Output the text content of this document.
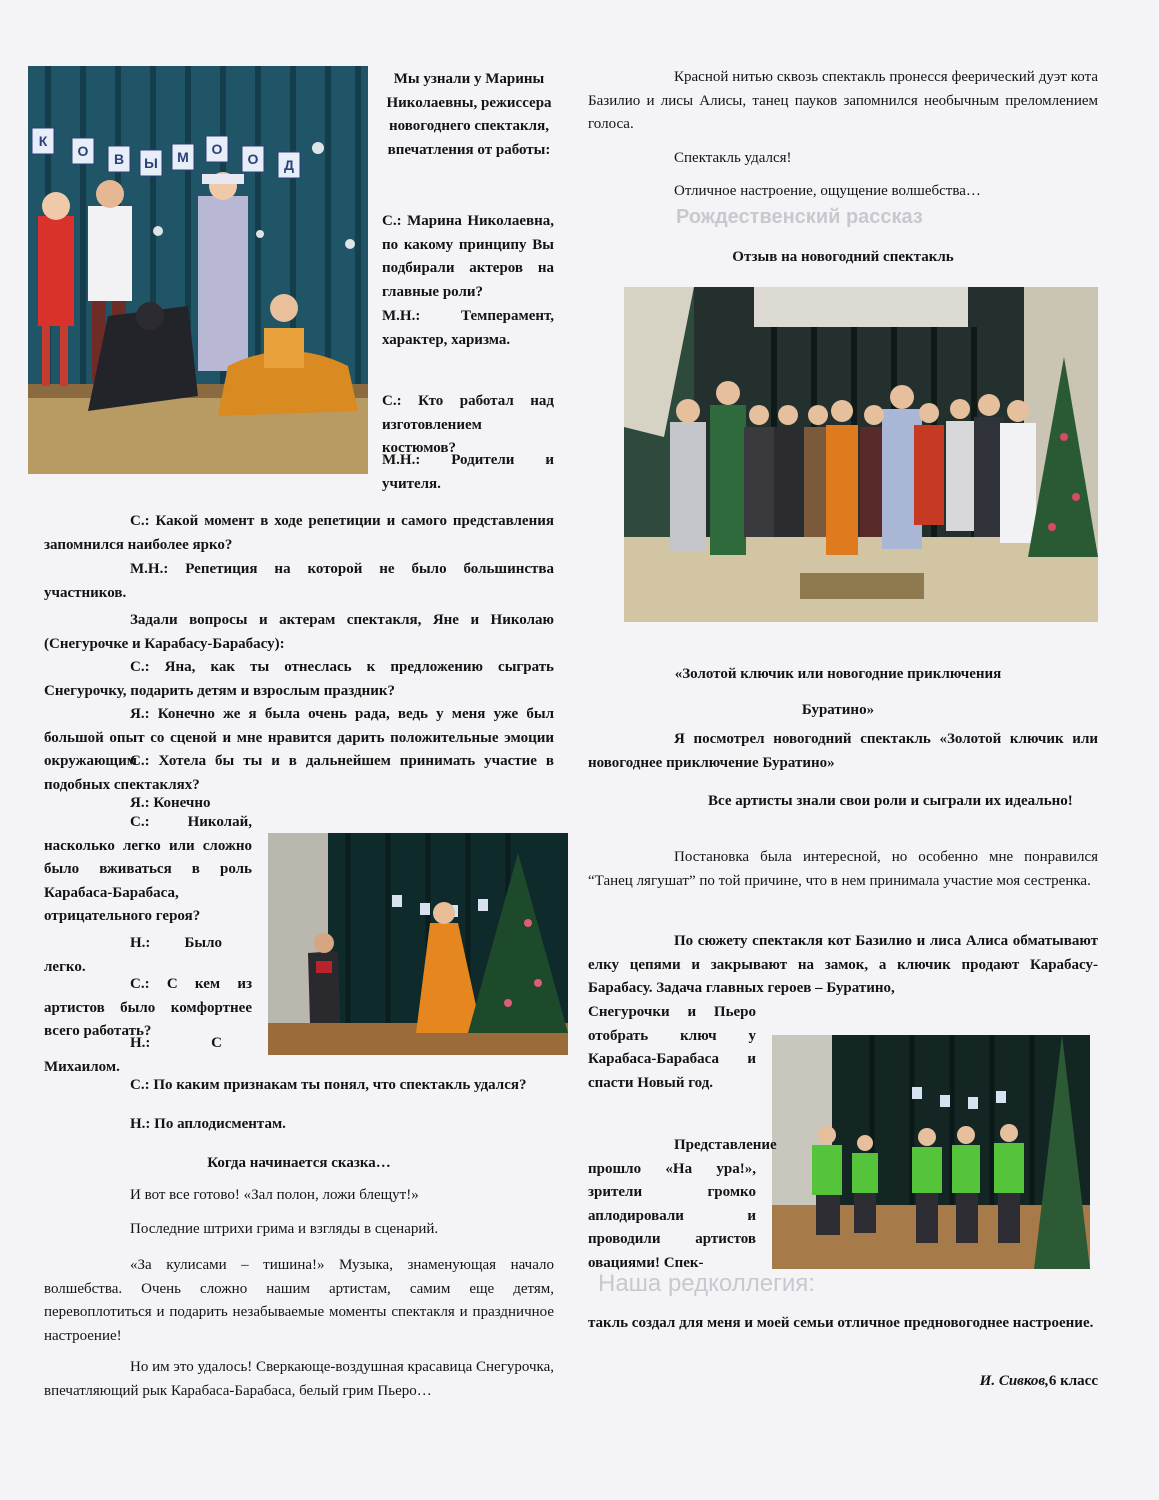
Рождественский рассказ
Наша редколлегия:
К
О В Ы М О
О Д

Мы узнали у Марины Николаевны, режиссера новогоднего спектакля, впечатления от работы:

С.: Марина Николаевна, по какому принципу Вы подбирали актеров на главные роли?

М.Н.: Темперамент, характер, харизма.

С.: Кто работал над изготовлением костюмов?

М.Н.: Родители и учителя.

С.: Какой момент в ходе репетиции и самого представления запомнился наиболее ярко?

М.Н.: Репетиция на которой не было большинства участников.

Задали вопросы и актерам спектакля, Яне и Николаю (Снегурочке и Карабасу-Барабасу):

С.: Яна, как ты отнеслась к предложению сыграть Снегурочку, подарить детям и взрослым праздник?

Я.: Конечно же я была очень рада, ведь у меня уже был большой опыт со сценой и мне нравится дарить положительные эмоции окружающим

С.: Хотела бы ты и в дальнейшем принимать участие в подобных спектаклях?

Я.: Конечно

С.: Николай, насколько легко или сложно было вживаться в роль Карабаса-Барабаса, отрицательного героя?

Н.: Было легко.

С.: С кем из артистов было комфортнее всего работать?

Н.: С Михаилом.

С.: По каким признакам ты понял, что спектакль удался?

Н.: По аплодисментам.

Когда начинается сказка…

И вот все готово! «Зал полон, ложи блещут!»

Последние штрихи грима и взгляды в сценарий.

«За кулисами – тишина!» Музыка, знаменующая начало волшебства. Очень сложно нашим артистам, самим еще детям, перевоплотиться и подарить незабываемые моменты спектакля и праздничное настроение!

Но им это удалось! Сверкающе-воздушная красавица Снегурочка, впечатляющий рык Карабаса-Барабаса, белый грим Пьеро…

Красной нитью сквозь спектакль пронесся феерический дуэт кота Базилио и лисы Алисы, танец пауков запомнился необычным преломлением голоса.

Спектакль удался!

Отличное настроение, ощущение волшебства…

Отзыв на новогодний спектакль

«Золотой ключик или новогодние приключения Буратино»

Я посмотрел новогодний спектакль «Золотой ключик или новогоднее приключение Буратино»

Все артисты знали свои роли и сыграли их идеально!

Постановка была интересной, но особенно мне понравился “Танец лягушат” по той причине, что в нем принимала участие моя сестренка.

По сюжету спектакля кот Базилио и лиса Алиса обматывают елку цепями и закрывают на замок, а ключик продают Карабасу-Барабасу. Задача главных героев – Буратино,

Снегурочки и Пьеро отобрать ключ у Карабаса-Барабаса и спасти Новый год.

Представление прошло «На ура!», зрители громко аплодировали и проводили артистов овациями! Спек-

такль создал для меня и моей семьи отличное предновогоднее настроение.

И. Сивков,6 класс
